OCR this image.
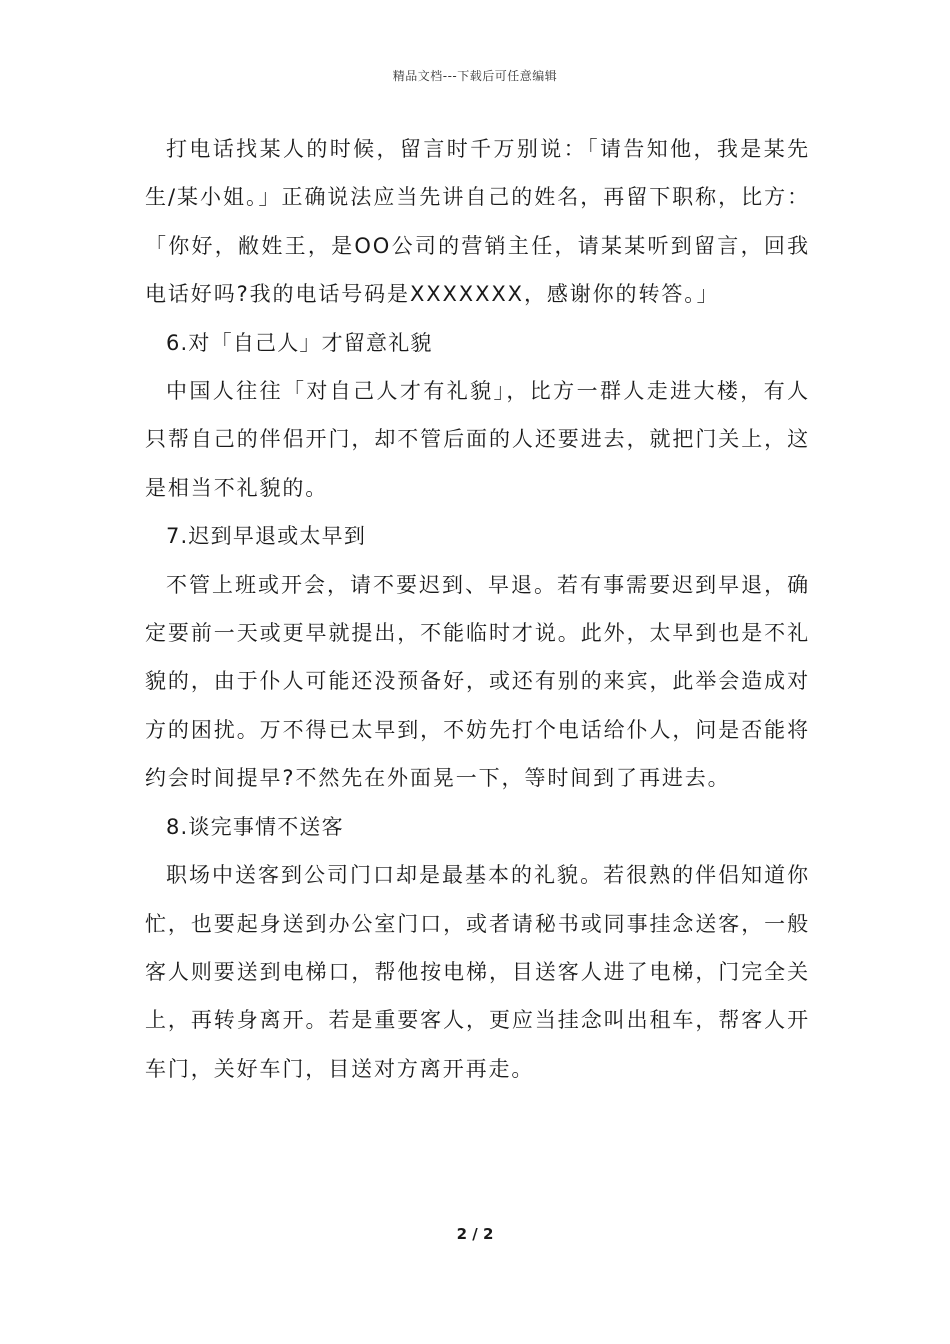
精品文档---下载后可任意编辑

打电话找某人的时候，留言时千万别说：「请告知他，我是某先生/某小姐。」正确说法应当先讲自己的姓名，再留下职称，比方：「你好，敝姓王，是OO公司的营销主任，请某某听到留言，回我电话好吗?我的电话号码是XXXXXXX，感谢你的转答。」

6.对「自己人」才留意礼貌

中国人往往「对自己人才有礼貌」，比方一群人走进大楼，有人只帮自己的伴侣开门，却不管后面的人还要进去，就把门关上，这是相当不礼貌的。

7.迟到早退或太早到

不管上班或开会，请不要迟到、早退。若有事需要迟到早退，确定要前一天或更早就提出，不能临时才说。此外，太早到也是不礼貌的，由于仆人可能还没预备好，或还有别的来宾，此举会造成对方的困扰。万不得已太早到，不妨先打个电话给仆人，问是否能将约会时间提早?不然先在外面晃一下，等时间到了再进去。

8.谈完事情不送客

职场中送客到公司门口却是最基本的礼貌。若很熟的伴侣知道你忙，也要起身送到办公室门口，或者请秘书或同事挂念送客，一般客人则要送到电梯口，帮他按电梯，目送客人进了电梯，门完全关上，再转身离开。若是重要客人，更应当挂念叫出租车，帮客人开车门，关好车门，目送对方离开再走。

2 / 2
